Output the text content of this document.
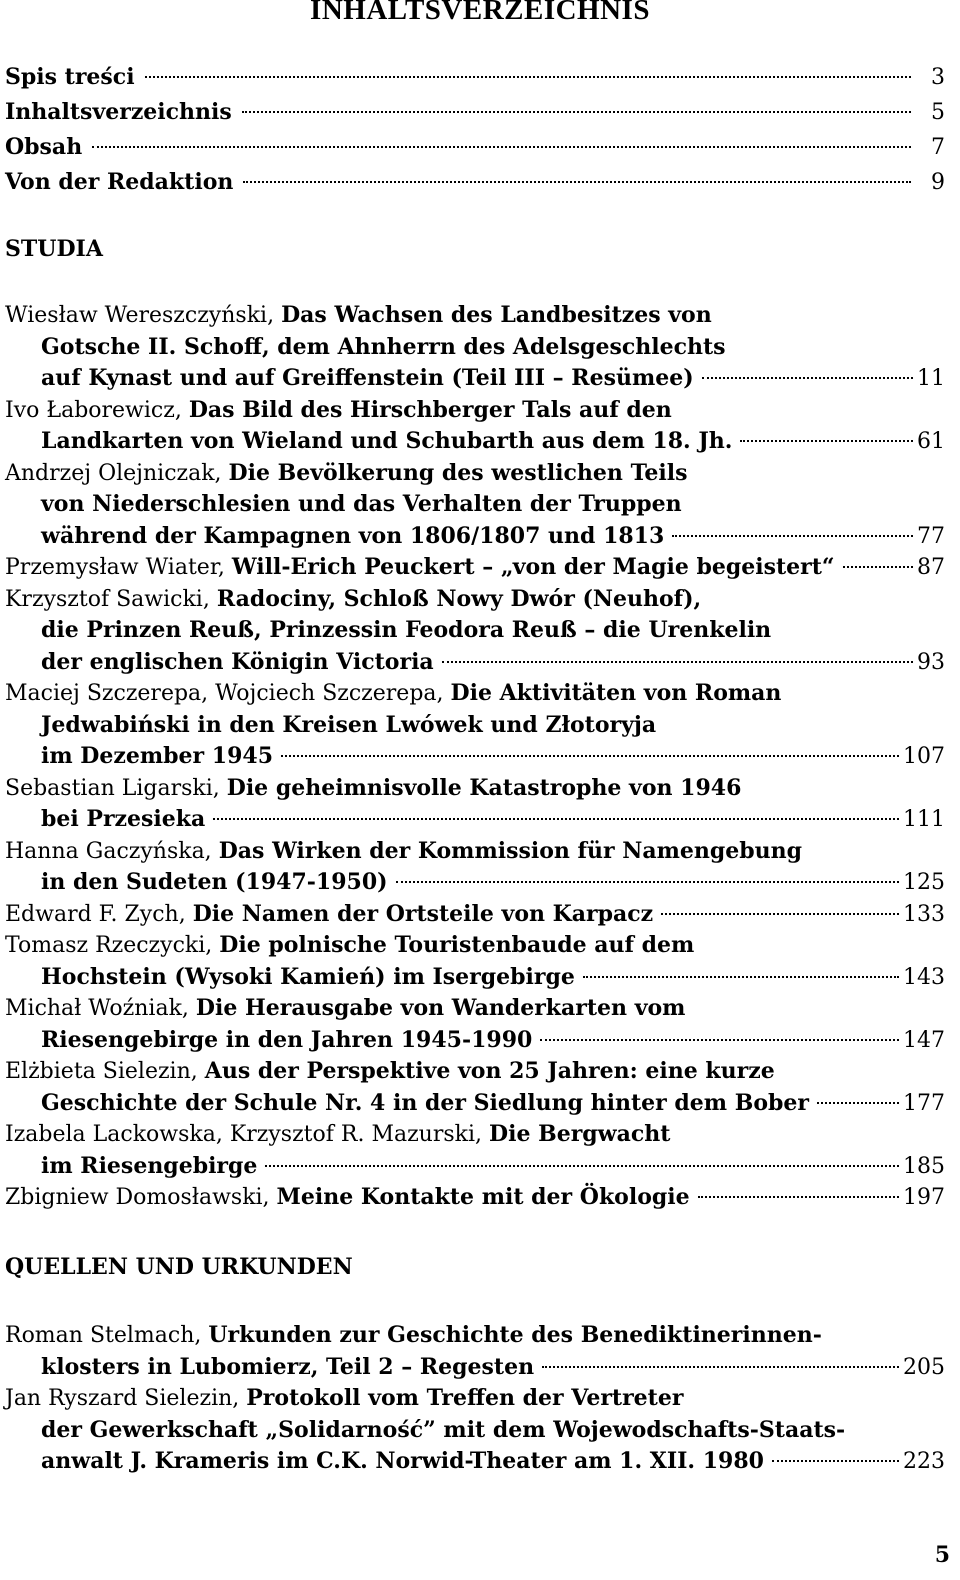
INHALTSVERZEICHNIS
Spis treści	3
Inhaltsverzeichnis	5
Obsah	7
Von der Redaktion	9
STUDIA
Wiesław Wereszczyński, Das Wachsen des Landbesitzes von
Gotsche II. Schoff, dem Ahnherrn des Adelsgeschlechts
auf Kynast und auf Greiffenstein (Teil III – Resümee)	11
Ivo Łaborewicz, Das Bild des Hirschberger Tals auf den
Landkarten von Wieland und Schubarth aus dem 18. Jh.	61
Andrzej Olejniczak, Die Bevölkerung des westlichen Teils
von Niederschlesien und das Verhalten der Truppen
während der Kampagnen von 1806/1807 und 1813	77
Przemysław Wiater, Will-Erich Peuckert – „von der Magie begeistert“	87
Krzysztof Sawicki, Radociny, Schloß Nowy Dwór (Neuhof),
die Prinzen Reuß, Prinzessin Feodora Reuß – die Urenkelin
der englischen Königin Victoria	93
Maciej Szczerepa, Wojciech Szczerepa, Die Aktivitäten von Roman
Jedwabiński in den Kreisen Lwówek und Złotoryja
im Dezember 1945	107
Sebastian Ligarski, Die geheimnisvolle Katastrophe von 1946
bei Przesieka	111
Hanna Gaczyńska, Das Wirken der Kommission für Namengebung
in den Sudeten (1947-1950)	125
Edward F. Zych, Die Namen der Ortsteile von Karpacz	133
Tomasz Rzeczycki, Die polnische Touristenbaude auf dem
Hochstein (Wysoki Kamień) im Isergebirge	143
Michał Woźniak, Die Herausgabe von Wanderkarten vom
Riesengebirge in den Jahren 1945-1990	147
Elżbieta Sielezin, Aus der Perspektive von 25 Jahren: eine kurze
Geschichte der Schule Nr. 4 in der Siedlung hinter dem Bober	177
Izabela Lackowska, Krzysztof R. Mazurski, Die Bergwacht
im Riesengebirge	185
Zbigniew Domosławski, Meine Kontakte mit der Ökologie	197
QUELLEN UND URKUNDEN
Roman Stelmach, Urkunden zur Geschichte des Benediktinerinnen-
klosters in Lubomierz, Teil 2 – Regesten	205
Jan Ryszard Sielezin, Protokoll vom Treffen der Vertreter
der Gewerkschaft „Solidarność” mit dem Wojewodschafts-Staats-
anwalt J. Krameris im C.K. Norwid-Theater am 1. XII. 1980	223
5
